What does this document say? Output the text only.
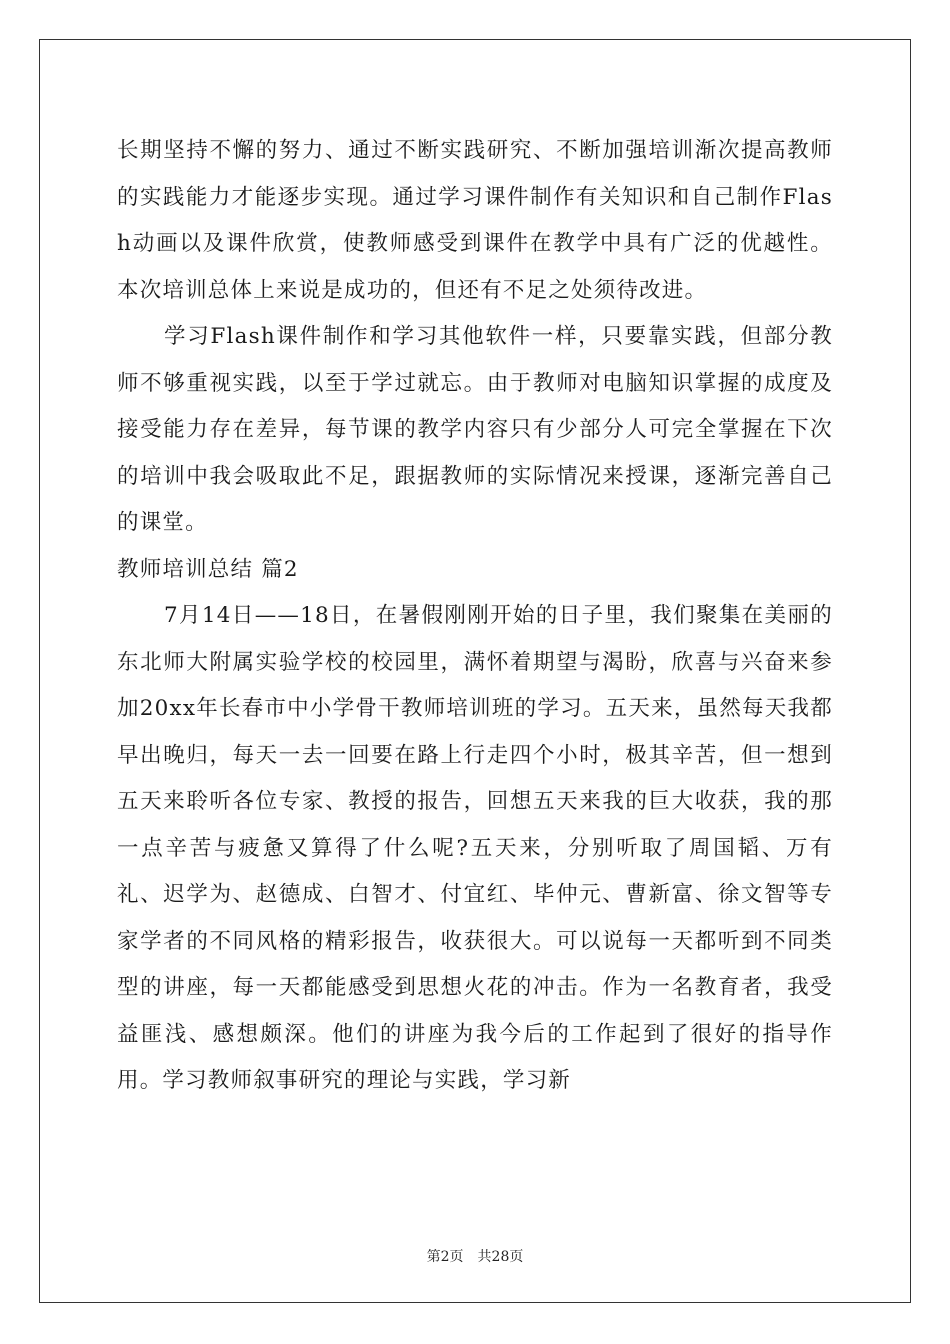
长期坚持不懈的努力、通过不断实践研究、不断加强培训渐次提高教师的实践能力才能逐步实现。通过学习课件制作有关知识和自己制作Flash动画以及课件欣赏，使教师感受到课件在教学中具有广泛的优越性。本次培训总体上来说是成功的，但还有不足之处须待改进。

学习Flash课件制作和学习其他软件一样，只要靠实践，但部分教师不够重视实践，以至于学过就忘。由于教师对电脑知识掌握的成度及接受能力存在差异，每节课的教学内容只有少部分人可完全掌握在下次的培训中我会吸取此不足，跟据教师的实际情况来授课，逐渐完善自己的课堂。

教师培训总结 篇2

7月14日——18日，在暑假刚刚开始的日子里，我们聚集在美丽的东北师大附属实验学校的校园里，满怀着期望与渴盼，欣喜与兴奋来参加20xx年长春市中小学骨干教师培训班的学习。五天来，虽然每天我都早出晚归，每天一去一回要在路上行走四个小时，极其辛苦，但一想到五天来聆听各位专家、教授的报告，回想五天来我的巨大收获，我的那一点辛苦与疲惫又算得了什么呢?五天来，分别听取了周国韬、万有礼、迟学为、赵德成、白智才、付宜红、毕仲元、曹新富、徐文智等专家学者的不同风格的精彩报告，收获很大。可以说每一天都听到不同类型的讲座，每一天都能感受到思想火花的冲击。作为一名教育者，我受益匪浅、感想颇深。他们的讲座为我今后的工作起到了很好的指导作用。学习教师叙事研究的理论与实践，学习新

第2页 共28页
